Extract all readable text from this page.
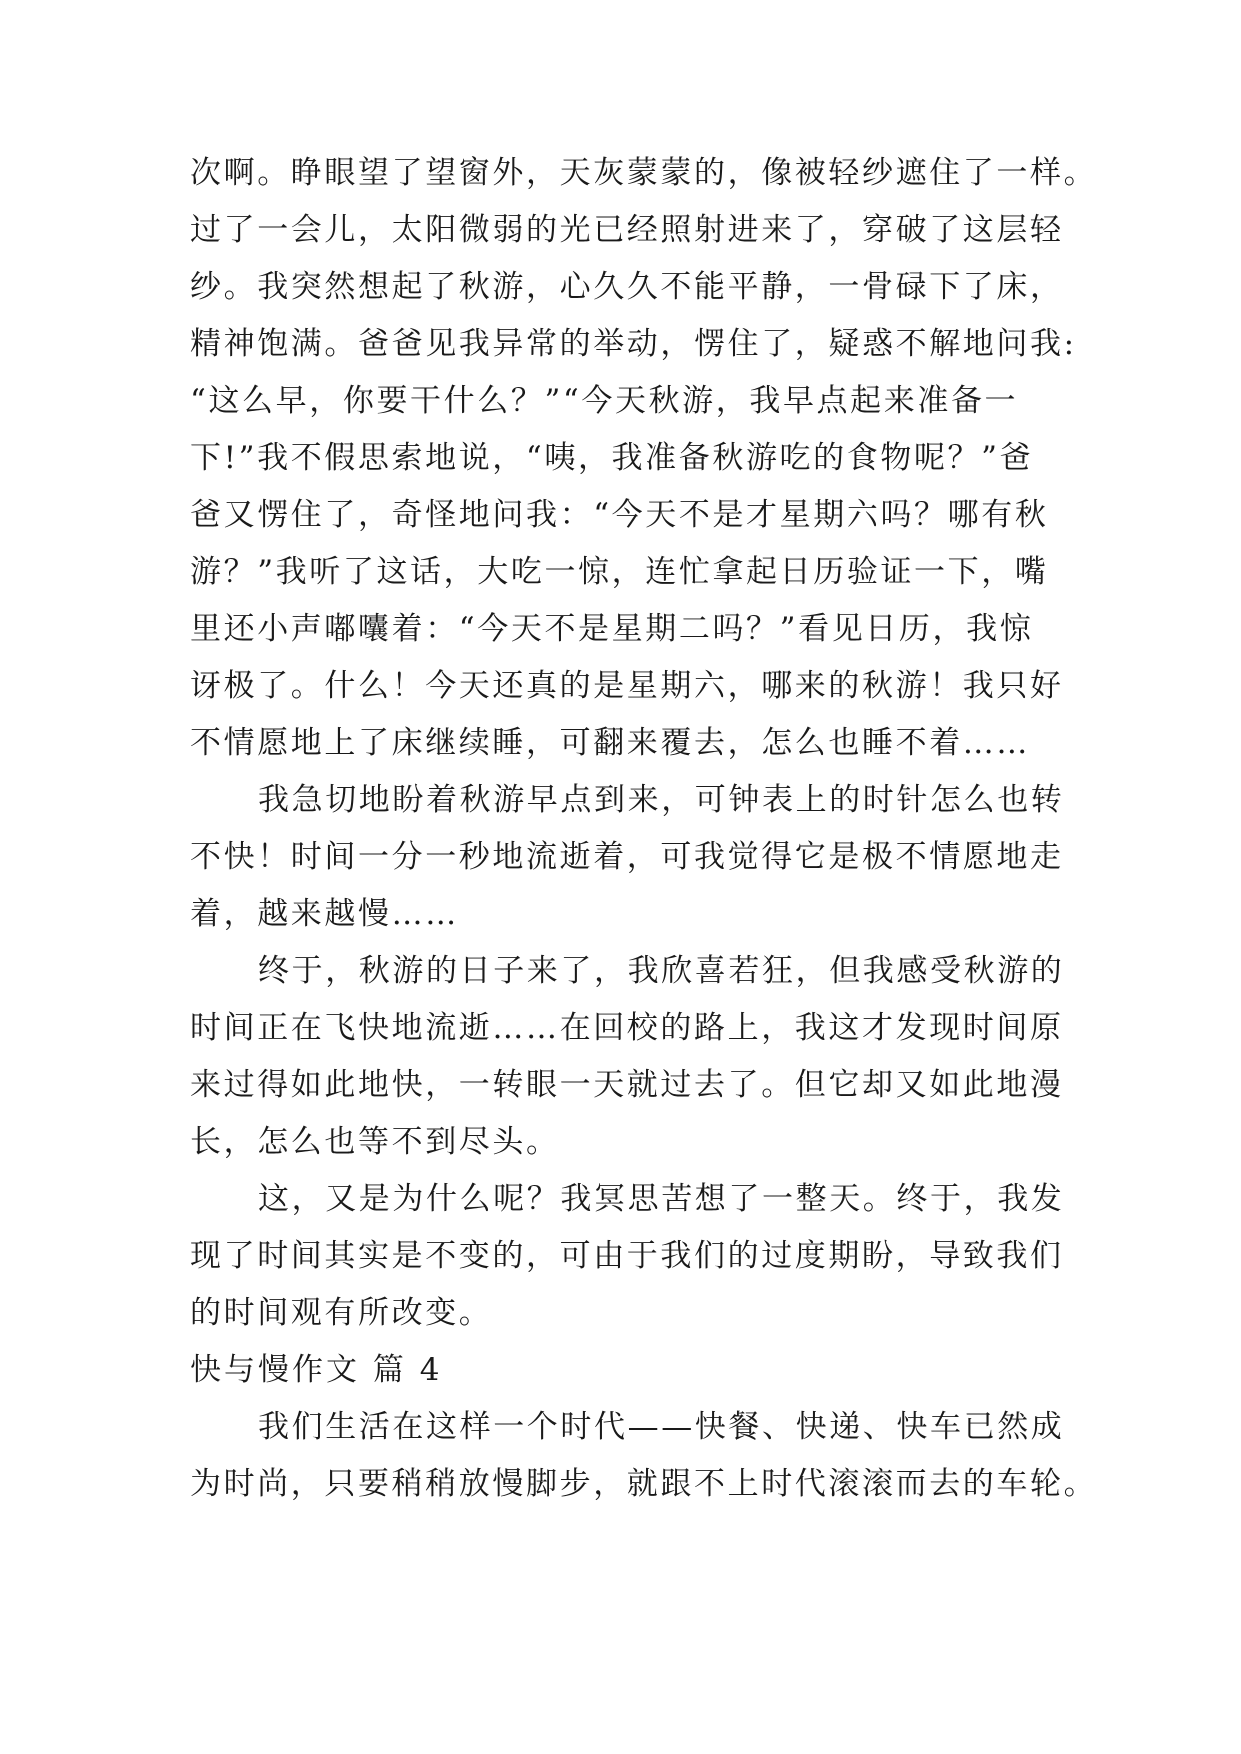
次啊。睁眼望了望窗外，天灰蒙蒙的，像被轻纱遮住了一样。
过了一会儿，太阳微弱的光已经照射进来了，穿破了这层轻
纱。我突然想起了秋游，心久久不能平静，一骨碌下了床，
精神饱满。爸爸见我异常的举动，愣住了，疑惑不解地问我:
“这么早，你要干什么？”“今天秋游，我早点起来准备一
下!”我不假思索地说，“咦，我准备秋游吃的食物呢？”爸
爸又愣住了，奇怪地问我：“今天不是才星期六吗？哪有秋
游？”我听了这话，大吃一惊，连忙拿起日历验证一下，嘴
里还小声嘟囔着：“今天不是星期二吗？”看见日历，我惊
讶极了。什么！今天还真的是星期六，哪来的秋游！我只好
不情愿地上了床继续睡，可翻来覆去，怎么也睡不着……
我急切地盼着秋游早点到来，可钟表上的时针怎么也转
不快！时间一分一秒地流逝着，可我觉得它是极不情愿地走
着，越来越慢……
终于，秋游的日子来了，我欣喜若狂，但我感受秋游的
时间正在飞快地流逝……在回校的路上，我这才发现时间原
来过得如此地快，一转眼一天就过去了。但它却又如此地漫
长，怎么也等不到尽头。
这，又是为什么呢？我冥思苦想了一整天。终于，我发
现了时间其实是不变的，可由于我们的过度期盼，导致我们
的时间观有所改变。
快与慢作文 篇 4
我们生活在这样一个时代——快餐、快递、快车已然成
为时尚，只要稍稍放慢脚步，就跟不上时代滚滚而去的车轮。
